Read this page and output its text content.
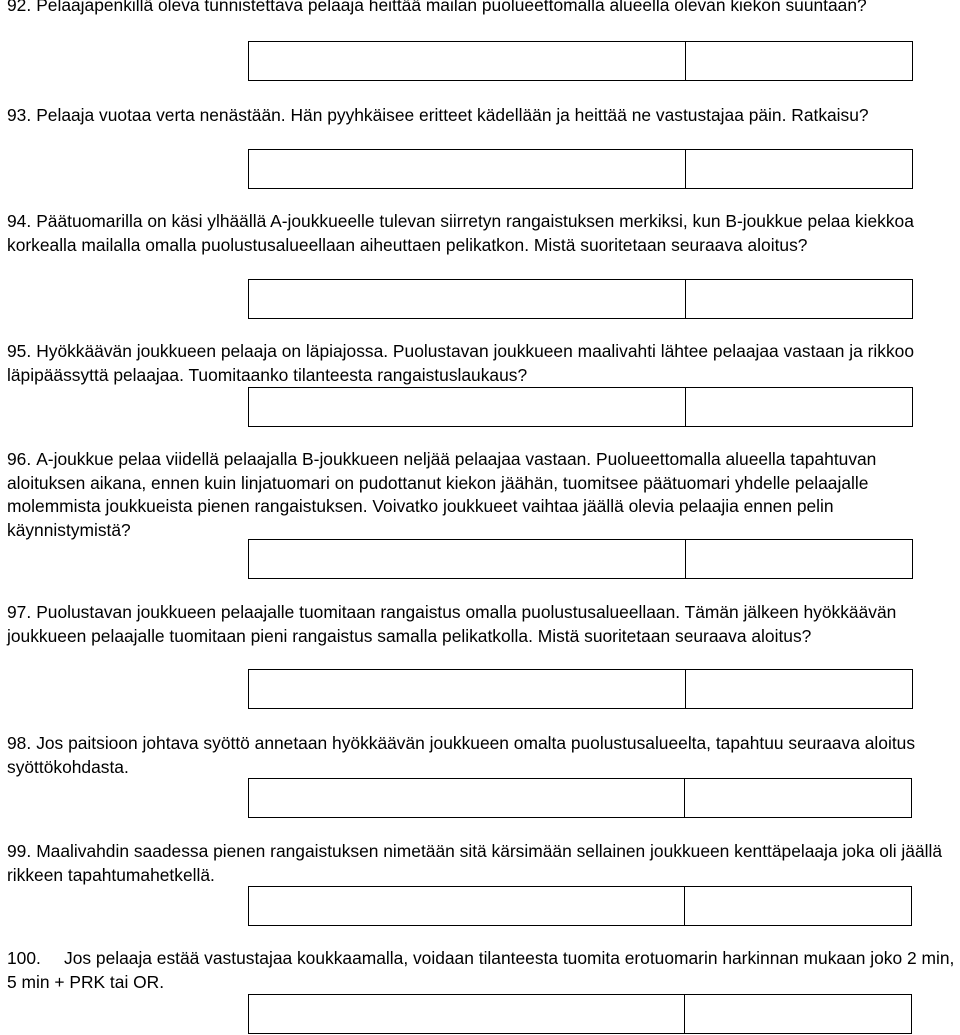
92. Pelaajapenkillä oleva tunnistettava pelaaja heittää mailan puolueettomalla alueella olevan kiekon suuntaan?
93. Pelaaja vuotaa verta nenästään. Hän pyyhkäisee eritteet kädellään ja heittää ne vastustajaa päin. Ratkaisu?
94. Päätuomarilla on käsi ylhäällä A-joukkueelle tulevan siirretyn rangaistuksen merkiksi, kun B-joukkue pelaa kiekkoa korkealla mailalla omalla puolustusalueellaan aiheuttaen pelikatkon. Mistä suoritetaan seuraava aloitus?
95. Hyökkäävän joukkueen pelaaja on läpiajossa. Puolustavan joukkueen maalivahti lähtee pelaajaa vastaan ja rikkoo läpipäässyttä pelaajaa. Tuomitaanko tilanteesta rangaistuslaukaus?
96. A-joukkue pelaa viidellä pelaajalla B-joukkueen neljää pelaajaa vastaan. Puolueettomalla alueella tapahtuvan aloituksen aikana, ennen kuin linjatuomari on pudottanut kiekon jäähän, tuomitsee päätuomari yhdelle pelaajalle molemmista joukkueista pienen rangaistuksen. Voivatko joukkueet vaihtaa jäällä olevia pelaajia ennen pelin käynnistymistä?
97. Puolustavan joukkueen pelaajalle tuomitaan rangaistus omalla puolustusalueellaan. Tämän jälkeen hyökkäävän joukkueen pelaajalle tuomitaan pieni rangaistus samalla pelikatkolla. Mistä suoritetaan seuraava aloitus?
98. Jos paitsioon johtava syöttö annetaan hyökkäävän joukkueen omalta puolustusalueelta, tapahtuu seuraava aloitus syöttökohdasta.
99. Maalivahdin saadessa pienen rangaistuksen nimetään sitä kärsimään sellainen joukkueen kenttäpelaaja joka oli jäällä rikkeen tapahtumahetkellä.
100. Jos pelaaja estää vastustajaa koukkaamalla, voidaan tilanteesta tuomita erotuomarin harkinnan mukaan joko 2 min, 5 min + PRK tai OR.
